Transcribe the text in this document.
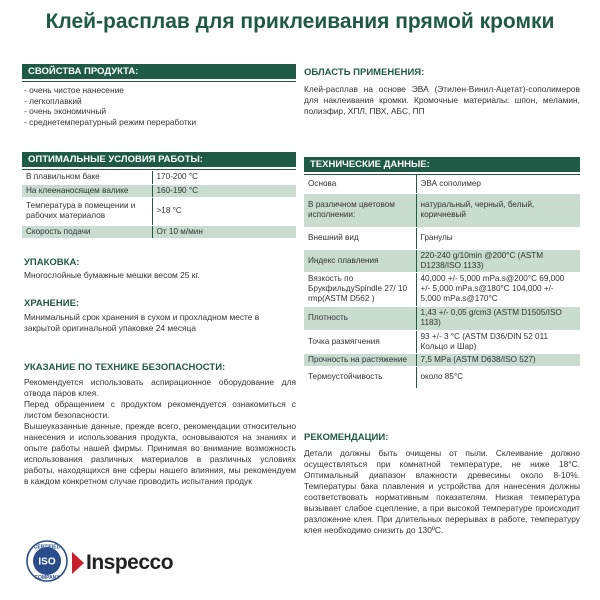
Клей-расплав для приклеивания прямой кромки
СВОЙСТВА ПРОДУКТА:
- очень чистое нанесение
- легкоплавкий
- очень экономичный
- среднетемпературный режим переработки
ОБЛАСТЬ ПРИМЕНЕНИЯ:
Клей-расплав на основе ЭВА (Этилен-Винил-Ацетат)-сополимеров для наклеивания кромки. Кромочные материалы: шпон, меламин, полиэфир, ХПЛ, ПВХ, АБС, ПП
ОПТИМАЛЬНЫЕ УСЛОВИЯ РАБОТЫ:
В плавильном баке	170-200 °С
На клеенаносящем валике	160-190 °С
Температура в помещении и рабочих материалов	>18 °С
Скорость подачи	От 10 м/мин
УПАКОВКА:
Многослойные бумажные мешки весом 25 кг.
ХРАНЕНИЕ:
Минимальный срок хранения в сухом и прохладном месте в закрытой оригинальной упаковке 24 месяца
УКАЗАНИЕ ПО ТЕХНИКЕ БЕЗОПАСНОСТИ:
Рекомендуется использовать аспирационное оборудование для отвода паров клея.
Перед обращением с продуктом рекомендуется ознакомиться с листом безопасности.
Вышеуказанные данные, прежде всего, рекомендации относительно нанесения и использования продукта, основываются на знаниях и опыте работы нашей фирмы. Принимая во внимание возможность использования различных материалов в различных условиях работы, находящихся вне сферы нашего влияния, мы рекомендуем в каждом конкретном случае проводить испытания продук
ТЕХНИЧЕСКИЕ ДАННЫЕ:
Основа	ЭВА сополимер
В различном цветовом исполнении:	натуральный, черный, белый, коричневый
Внешний вид	Гранулы
Индекс плавления	220-240 g/10min @200°C (ASTM D1238/ISO 1133)
Вязкость по БрукфильдуSpindle 27/ 10 rmp(ASTM D562 )	40,000 +/- 5,000 mPa.s@200°C 69,000 +/- 5,000 mPa.s@180°C 104,000 +/- 5,000 mPa.s@170°C
Плотность	1,43 +/- 0,05 g/cm3 (ASTM D1505/ISO 1183)
Точка размягчения	93 +/- 3 °C (ASTM D36/DIN 52 011 Кольцо и Шар)
Прочность на растяжение	7,5 MPa (ASTM D638/ISO 527)
Термоустойчивость	около 85°C
РЕКОМЕНДАЦИИ:
Детали должны быть очищены от пыли. Склеивание должно осуществляться при комнатной температуре, не ниже 18°С. Оптимальный диапазон влажности древесины около 8-10%. Температуры бака плавления и устройства для нанесения должны соответствовать нормативным показателям. Низкая температура вызывает слабое сцепление, а при высокой температуре происходит разложение клея. При длительных перерывах в работе, температуру клея необходимо снизить до 130ºС.
CERTIFIED
ISO
COMPANY
Inspecco
